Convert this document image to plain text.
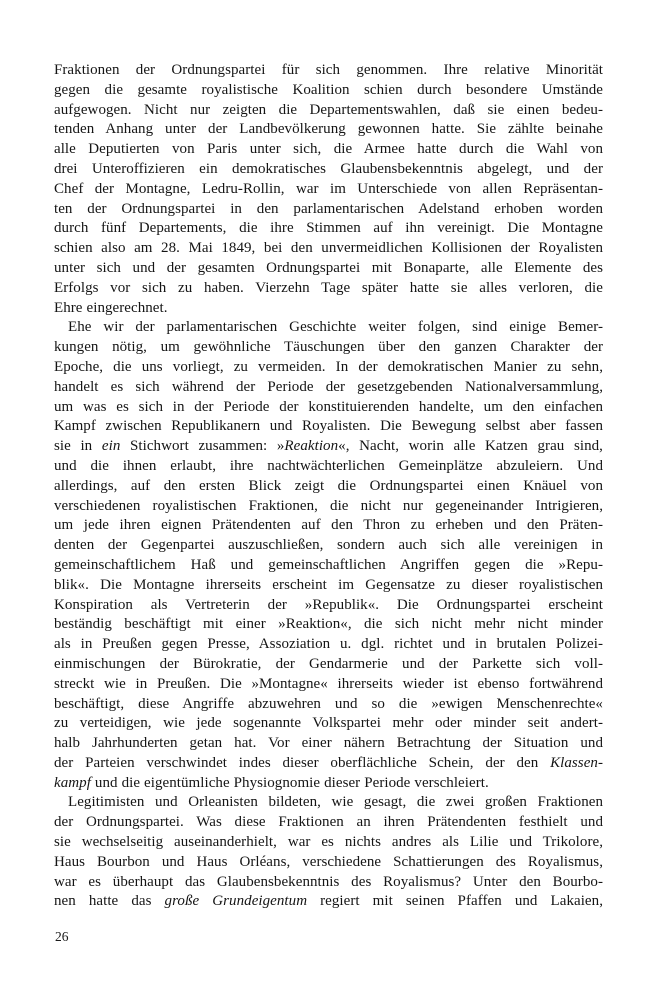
Fraktionen der Ordnungspartei für sich genommen. Ihre relative Minorität
gegen die gesamte royalistische Koalition schien durch besondere Umstände
aufgewogen. Nicht nur zeigten die Departementswahlen, daß sie einen bedeu-
tenden Anhang unter der Landbevölkerung gewonnen hatte. Sie zählte beinahe
alle Deputierten von Paris unter sich, die Armee hatte durch die Wahl von
drei Unteroffizieren ein demokratisches Glaubensbekenntnis abgelegt, und der
Chef der Montagne, Ledru-Rollin, war im Unterschiede von allen Repräsentan-
ten der Ordnungspartei in den parlamentarischen Adelstand erhoben worden
durch fünf Departements, die ihre Stimmen auf ihn vereinigt. Die Montagne
schien also am 28. Mai 1849, bei den unvermeidlichen Kollisionen der Royalisten
unter sich und der gesamten Ordnungspartei mit Bonaparte, alle Elemente des
Erfolgs vor sich zu haben. Vierzehn Tage später hatte sie alles verloren, die
Ehre eingerechnet.
Ehe wir der parlamentarischen Geschichte weiter folgen, sind einige Bemer-
kungen nötig, um gewöhnliche Täuschungen über den ganzen Charakter der
Epoche, die uns vorliegt, zu vermeiden. In der demokratischen Manier zu sehn,
handelt es sich während der Periode der gesetzgebenden Nationalversammlung,
um was es sich in der Periode der konstituierenden handelte, um den einfachen
Kampf zwischen Republikanern und Royalisten. Die Bewegung selbst aber fassen
sie in ein Stichwort zusammen: »Reaktion«, Nacht, worin alle Katzen grau sind,
und die ihnen erlaubt, ihre nachtwächterlichen Gemeinplätze abzuleiern. Und
allerdings, auf den ersten Blick zeigt die Ordnungspartei einen Knäuel von
verschiedenen royalistischen Fraktionen, die nicht nur gegeneinander Intrigieren,
um jede ihren eignen Prätendenten auf den Thron zu erheben und den Präten-
denten der Gegenpartei auszuschließen, sondern auch sich alle vereinigen in
gemeinschaftlichem Haß und gemeinschaftlichen Angriffen gegen die »Repu-
blik«. Die Montagne ihrerseits erscheint im Gegensatze zu dieser royalistischen
Konspiration als Vertreterin der »Republik«. Die Ordnungspartei erscheint
beständig beschäftigt mit einer »Reaktion«, die sich nicht mehr nicht minder
als in Preußen gegen Presse, Assoziation u. dgl. richtet und in brutalen Polizei-
einmischungen der Bürokratie, der Gendarmerie und der Parkette sich voll-
streckt wie in Preußen. Die »Montagne« ihrerseits wieder ist ebenso fortwährend
beschäftigt, diese Angriffe abzuwehren und so die »ewigen Menschenrechte«
zu verteidigen, wie jede sogenannte Volkspartei mehr oder minder seit andert-
halb Jahrhunderten getan hat. Vor einer nähern Betrachtung der Situation und
der Parteien verschwindet indes dieser oberflächliche Schein, der den Klassen-
kampf und die eigentümliche Physiognomie dieser Periode verschleiert.
Legitimisten und Orleanisten bildeten, wie gesagt, die zwei großen Fraktionen
der Ordnungspartei. Was diese Fraktionen an ihren Prätendenten festhielt und
sie wechselseitig auseinanderhielt, war es nichts andres als Lilie und Trikolore,
Haus Bourbon und Haus Orléans, verschiedene Schattierungen des Royalismus,
war es überhaupt das Glaubensbekenntnis des Royalismus? Unter den Bourbo-
nen hatte das große Grundeigentum regiert mit seinen Pfaffen und Lakaien,
26
